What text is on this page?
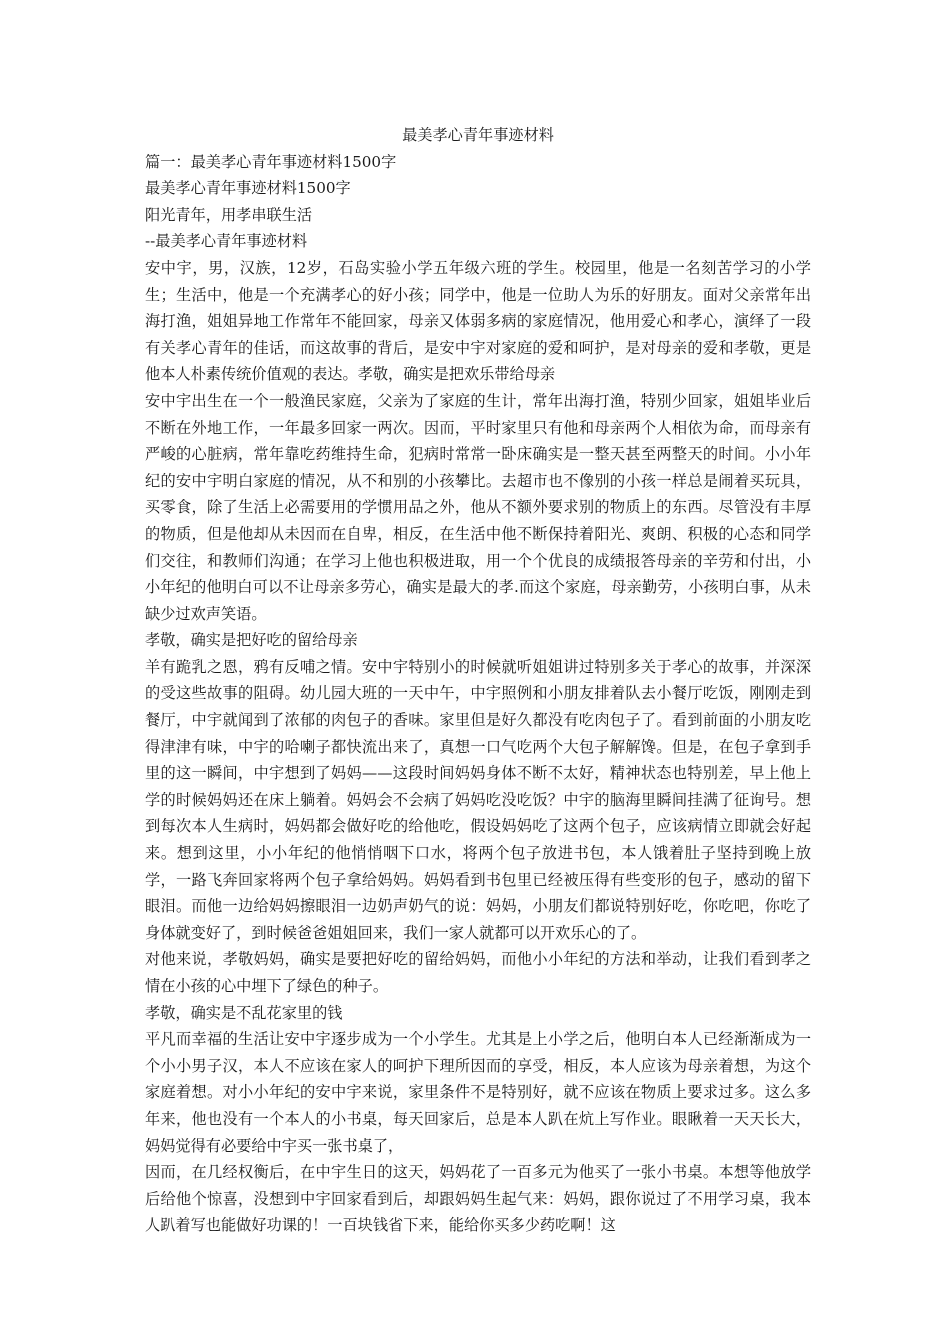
最美孝心青年事迹材料

篇一：最美孝心青年事迹材料1500字

最美孝心青年事迹材料1500字

阳光青年，用孝串联生活

--最美孝心青年事迹材料

安中宇，男，汉族，12岁，石岛实验小学五年级六班的学生。校园里，他是一名刻苦学习的小学生；生活中，他是一个充满孝心的好小孩；同学中，他是一位助人为乐的好朋友。面对父亲常年出海打渔，姐姐异地工作常年不能回家，母亲又体弱多病的家庭情况，他用爱心和孝心，演绎了一段有关孝心青年的佳话，而这故事的背后，是安中宇对家庭的爱和呵护，是对母亲的爱和孝敬，更是他本人朴素传统价值观的表达。孝敬，确实是把欢乐带给母亲

安中宇出生在一个一般渔民家庭，父亲为了家庭的生计，常年出海打渔，特别少回家，姐姐毕业后不断在外地工作，一年最多回家一两次。因而，平时家里只有他和母亲两个人相依为命，而母亲有严峻的心脏病，常年靠吃药维持生命，犯病时常常一卧床确实是一整天甚至两整天的时间。小小年纪的安中宇明白家庭的情况，从不和别的小孩攀比。去超市也不像别的小孩一样总是闹着买玩具，买零食，除了生活上必需要用的学惯用品之外，他从不额外要求别的物质上的东西。尽管没有丰厚的物质，但是他却从未因而在自卑，相反，在生活中他不断保持着阳光、爽朗、积极的心态和同学们交往，和教师们沟通；在学习上他也积极进取，用一个个优良的成绩报答母亲的辛劳和付出，小小年纪的他明白可以不让母亲多劳心，确实是最大的孝.而这个家庭，母亲勤劳，小孩明白事，从未缺少过欢声笑语。

孝敬，确实是把好吃的留给母亲

羊有跪乳之恩，鸦有反哺之情。安中宇特别小的时候就听姐姐讲过特别多关于孝心的故事，并深深的受这些故事的阻碍。幼儿园大班的一天中午，中宇照例和小朋友排着队去小餐厅吃饭，刚刚走到餐厅，中宇就闻到了浓郁的肉包子的香味。家里但是好久都没有吃肉包子了。看到前面的小朋友吃得津津有味，中宇的哈喇子都快流出来了，真想一口气吃两个大包子解解馋。但是，在包子拿到手里的这一瞬间，中宇想到了妈妈——这段时间妈妈身体不断不太好，精神状态也特别差，早上他上学的时候妈妈还在床上躺着。妈妈会不会病了妈妈吃没吃饭？中宇的脑海里瞬间挂满了征询号。想到每次本人生病时，妈妈都会做好吃的给他吃，假设妈妈吃了这两个包子，应该病情立即就会好起来。想到这里，小小年纪的他悄悄咽下口水，将两个包子放进书包，本人饿着肚子坚持到晚上放学，一路飞奔回家将两个包子拿给妈妈。妈妈看到书包里已经被压得有些变形的包子，感动的留下眼泪。而他一边给妈妈擦眼泪一边奶声奶气的说：妈妈，小朋友们都说特别好吃，你吃吧，你吃了身体就变好了，到时候爸爸姐姐回来，我们一家人就都可以开欢乐心的了。

对他来说，孝敬妈妈，确实是要把好吃的留给妈妈，而他小小年纪的方法和举动，让我们看到孝之情在小孩的心中埋下了绿色的种子。

孝敬，确实是不乱花家里的钱

平凡而幸福的生活让安中宇逐步成为一个小学生。尤其是上小学之后，他明白本人已经渐渐成为一个小小男子汉，本人不应该在家人的呵护下理所因而的享受，相反，本人应该为母亲着想，为这个家庭着想。对小小年纪的安中宇来说，家里条件不是特别好，就不应该在物质上要求过多。这么多年来，他也没有一个本人的小书桌，每天回家后，总是本人趴在炕上写作业。眼瞅着一天天长大，妈妈觉得有必要给中宇买一张书桌了，

因而，在几经权衡后，在中宇生日的这天，妈妈花了一百多元为他买了一张小书桌。本想等他放学后给他个惊喜，没想到中宇回家看到后，却跟妈妈生起气来：妈妈，跟你说过了不用学习桌，我本人趴着写也能做好功课的！一百块钱省下来，能给你买多少药吃啊！这
